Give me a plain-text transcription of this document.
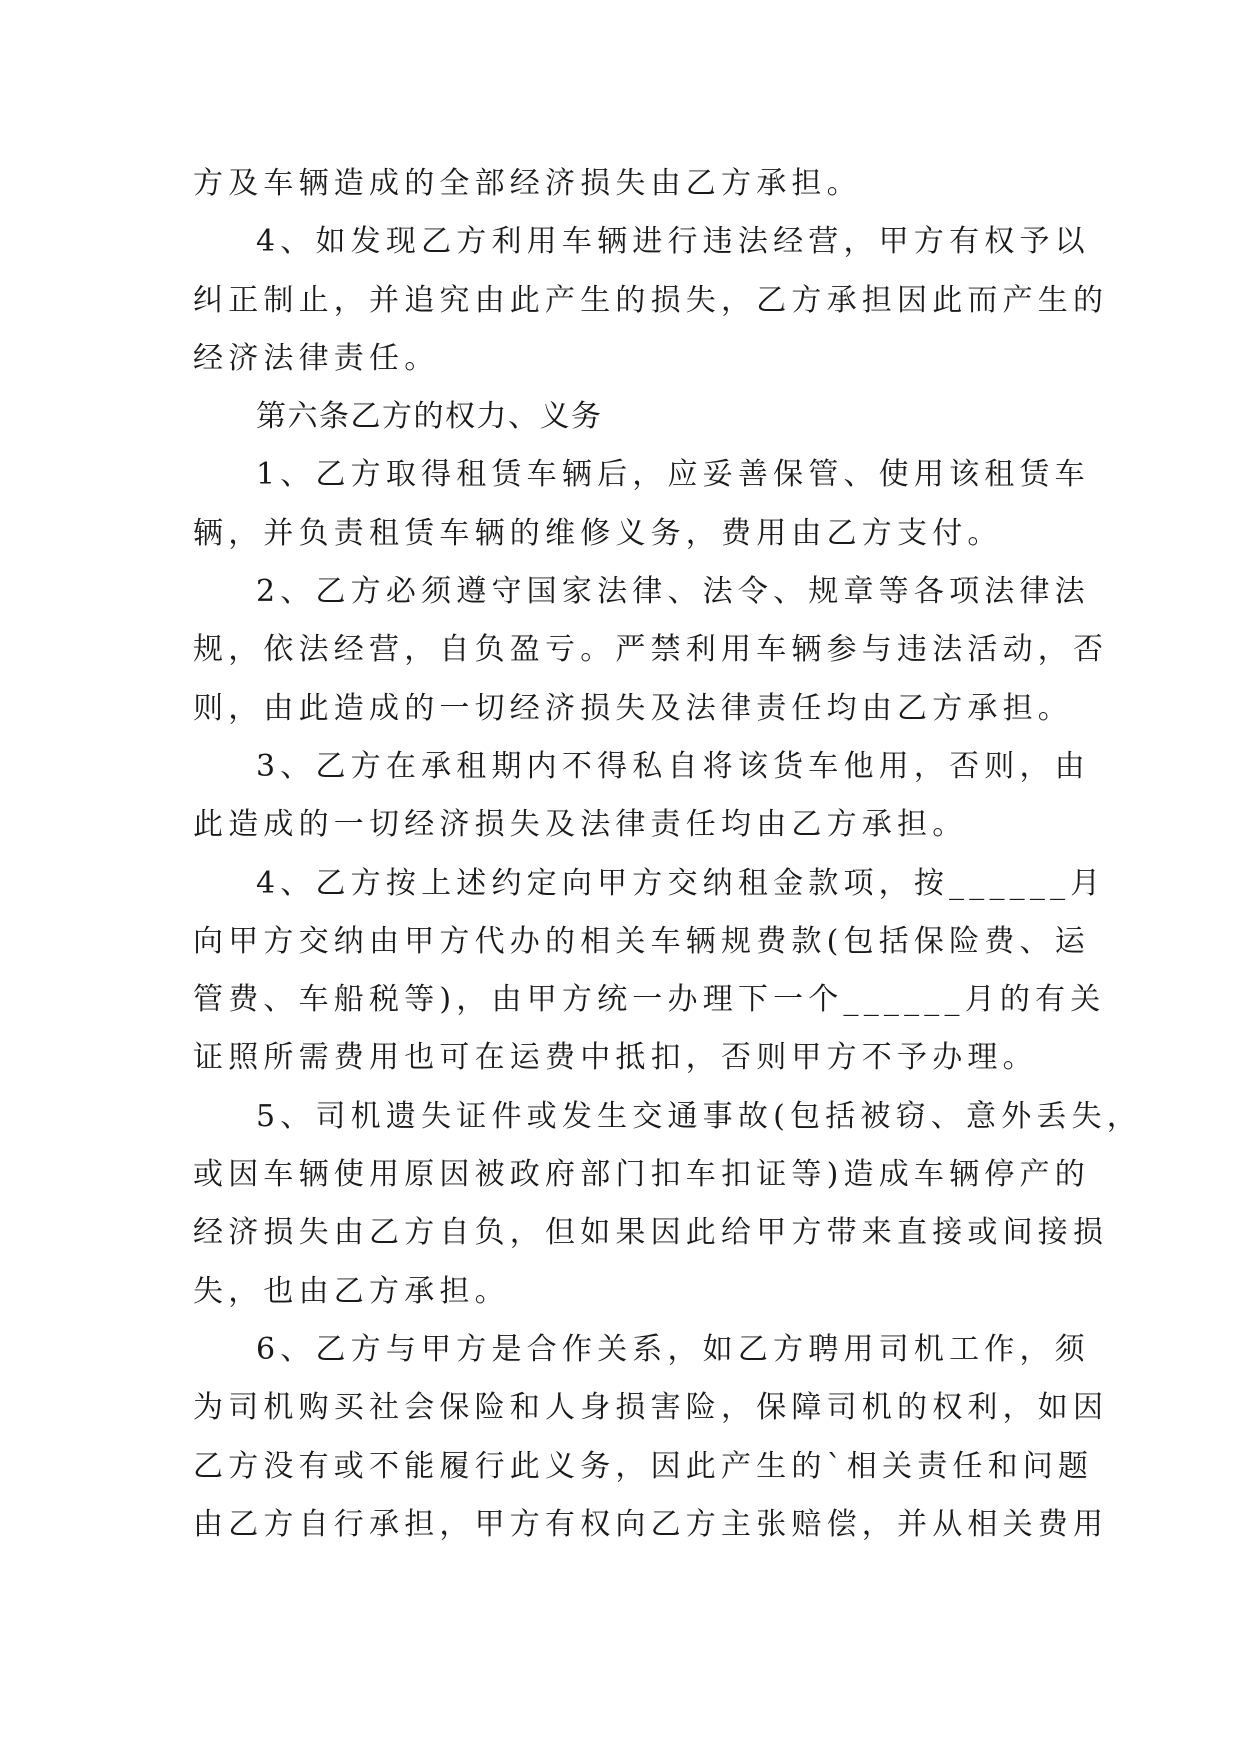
方及车辆造成的全部经济损失由乙方承担。
4、如发现乙方利用车辆进行违法经营，甲方有权予以
纠正制止，并追究由此产生的损失，乙方承担因此而产生的
经济法律责任。
第六条乙方的权力、义务
1、乙方取得租赁车辆后，应妥善保管、使用该租赁车
辆，并负责租赁车辆的维修义务，费用由乙方支付。
2、乙方必须遵守国家法律、法令、规章等各项法律法
规，依法经营，自负盈亏。严禁利用车辆参与违法活动，否
则，由此造成的一切经济损失及法律责任均由乙方承担。
3、乙方在承租期内不得私自将该货车他用，否则，由
此造成的一切经济损失及法律责任均由乙方承担。
4、乙方按上述约定向甲方交纳租金款项，按______月
向甲方交纳由甲方代办的相关车辆规费款(包括保险费、运
管费、车船税等)，由甲方统一办理下一个______月的有关
证照所需费用也可在运费中抵扣，否则甲方不予办理。
5、司机遗失证件或发生交通事故(包括被窃、意外丢失，
或因车辆使用原因被政府部门扣车扣证等)造成车辆停产的
经济损失由乙方自负，但如果因此给甲方带来直接或间接损
失，也由乙方承担。
6、乙方与甲方是合作关系，如乙方聘用司机工作，须
为司机购买社会保险和人身损害险，保障司机的权利，如因
乙方没有或不能履行此义务，因此产生的`相关责任和问题
由乙方自行承担，甲方有权向乙方主张赔偿，并从相关费用
